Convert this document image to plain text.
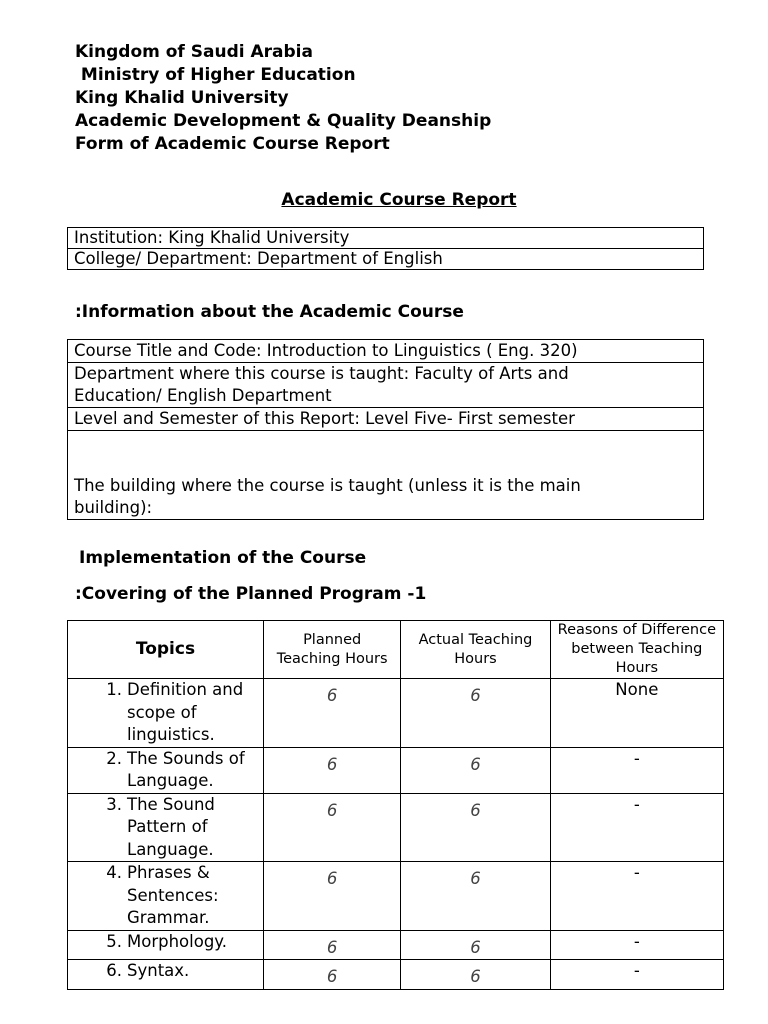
Kingdom of Saudi Arabia
Ministry of Higher Education
King Khalid University
Academic Development & Quality Deanship
Form of Academic Course Report
Academic Course Report
Institution: King Khalid University
College/ Department: Department of English
:Information about the Academic Course
Course Title and Code: Introduction to Linguistics ( Eng. 320)
Department where this course is taught: Faculty of Arts and Education/ English Department
Level and Semester of this Report: Level Five- First semester
The building where the course is taught (unless it is the main building):
Implementation of the Course
:Covering of the Planned Program -1
Topics	Planned Teaching Hours	Actual Teaching Hours	Reasons of Difference between Teaching Hours

1. Definition and scope of linguistics.	6	6	None

2. The Sounds of Language.	6	6	-

3. The Sound Pattern of Language.	6	6	-

4. Phrases & Sentences: Grammar.	6	6	-

5. Morphology.	6	6	-

6. Syntax.	6	6	-
